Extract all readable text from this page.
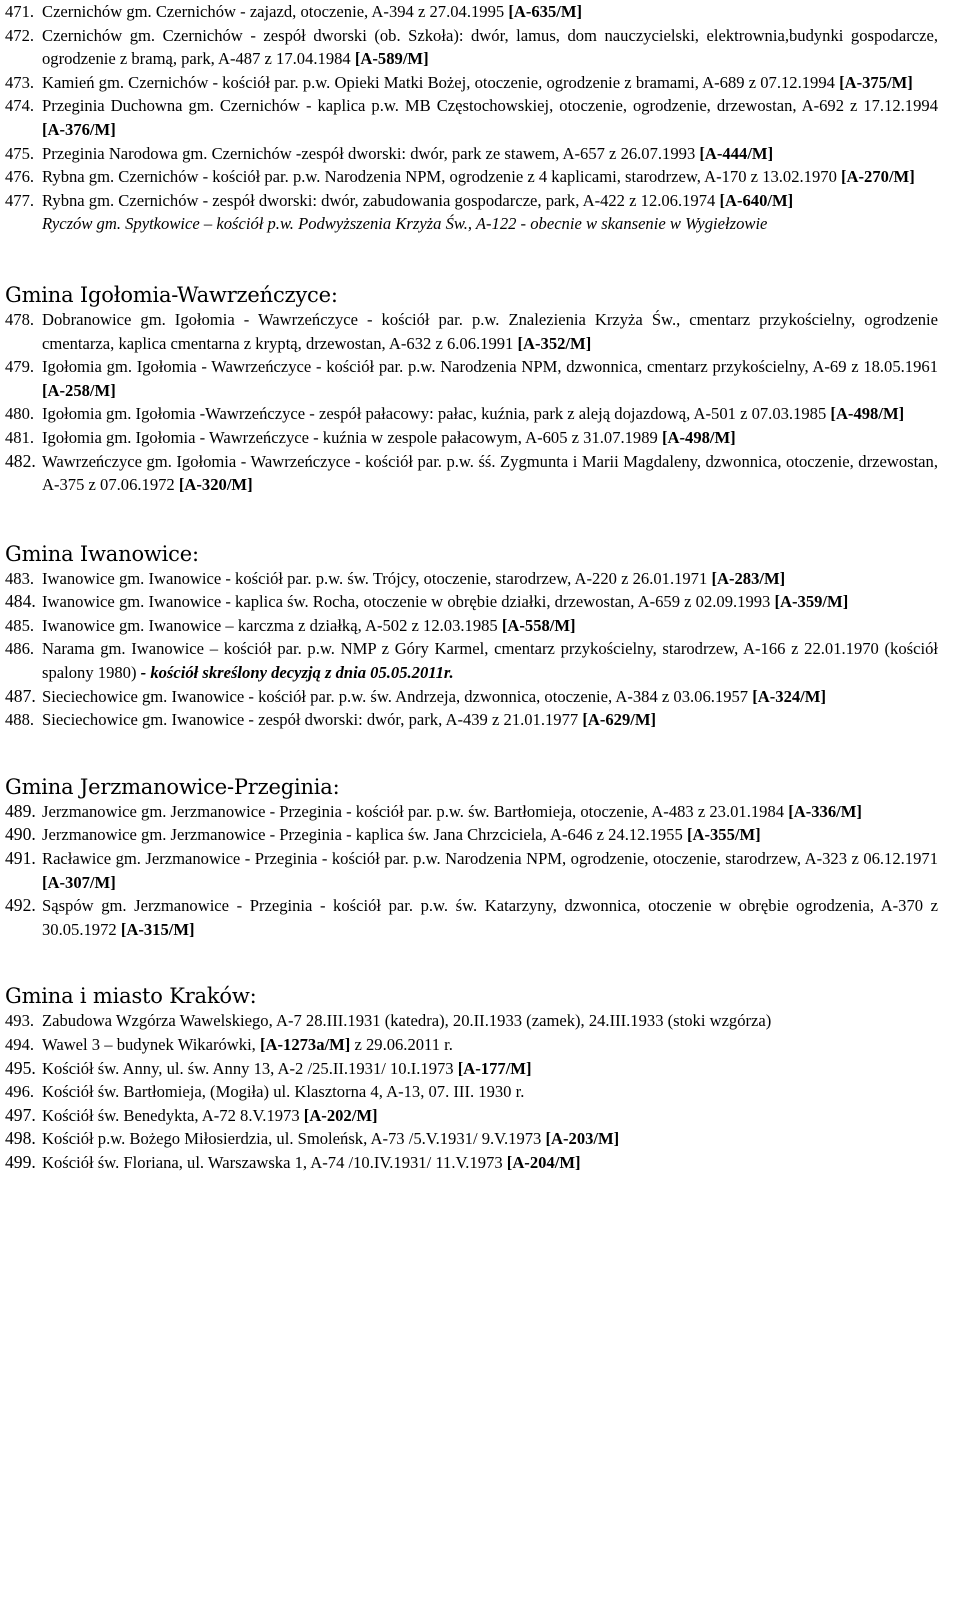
471. Czernichów gm. Czernichów - zajazd, otoczenie, A-394 z 27.04.1995 [A-635/M]
472. Czernichów gm. Czernichów - zespół dworski (ob. Szkoła): dwór, lamus, dom nauczycielski, elektrownia,budynki gospodarcze, ogrodzenie z bramą, park, A-487 z 17.04.1984 [A-589/M]
473. Kamień gm. Czernichów - kościół par. p.w. Opieki Matki Bożej, otoczenie, ogrodzenie z bramami, A-689 z 07.12.1994 [A-375/M]
474. Przeginia Duchowna gm. Czernichów - kaplica p.w. MB Częstochowskiej, otoczenie, ogrodzenie, drzewostan, A-692 z 17.12.1994 [A-376/M]
475. Przeginia Narodowa gm. Czernichów -zespół dworski: dwór, park ze stawem, A-657 z 26.07.1993 [A-444/M]
476. Rybna gm. Czernichów - kościół par. p.w. Narodzenia NPM, ogrodzenie z 4 kaplicami, starodrzew, A-170 z 13.02.1970 [A-270/M]
477. Rybna gm. Czernichów - zespół dworski: dwór, zabudowania gospodarcze, park, A-422 z 12.06.1974 [A-640/M]
Ryczów gm. Spytkowice – kościół p.w. Podwyższenia Krzyża Św., A-122 - obecnie w skansenie w Wygiełzowie
Gmina Igołomia-Wawrzeńczyce:
478. Dobranowice gm. Igołomia - Wawrzeńczyce - kościół par. p.w. Znalezienia Krzyża Św., cmentarz przykościelny, ogrodzenie cmentarza, kaplica cmentarna z kryptą, drzewostan, A-632 z 6.06.1991 [A-352/M]
479. Igołomia gm. Igołomia - Wawrzeńczyce - kościół par. p.w. Narodzenia NPM, dzwonnica, cmentarz przykościelny, A-69 z 18.05.1961 [A-258/M]
480. Igołomia gm. Igołomia -Wawrzeńczyce - zespół pałacowy: pałac, kuźnia, park z aleją dojazdową, A-501 z 07.03.1985 [A-498/M]
481. Igołomia gm. Igołomia - Wawrzeńczyce - kuźnia w zespole pałacowym, A-605 z 31.07.1989 [A-498/M]
482. Wawrzeńczyce gm. Igołomia - Wawrzeńczyce - kościół par. p.w. śś. Zygmunta i Marii Magdaleny, dzwonnica, otoczenie, drzewostan, A-375 z 07.06.1972 [A-320/M]
Gmina Iwanowice:
483. Iwanowice gm. Iwanowice - kościół par. p.w. św. Trójcy, otoczenie, starodrzew, A-220 z 26.01.1971 [A-283/M]
484. Iwanowice gm. Iwanowice - kaplica św. Rocha, otoczenie w obrębie działki, drzewostan, A-659 z 02.09.1993 [A-359/M]
485. Iwanowice gm. Iwanowice – karczma z działką, A-502 z 12.03.1985 [A-558/M]
486. Narama gm. Iwanowice – kościół par. p.w. NMP z Góry Karmel, cmentarz przykościelny, starodrzew, A-166 z 22.01.1970 (kościół spalony 1980) - kościół skreślony decyzją z dnia 05.05.2011r.
487. Sieciechowice gm. Iwanowice - kościół par. p.w. św. Andrzeja, dzwonnica, otoczenie, A-384 z 03.06.1957 [A-324/M]
488. Sieciechowice gm. Iwanowice - zespół dworski: dwór, park, A-439 z 21.01.1977 [A-629/M]
Gmina Jerzmanowice-Przeginia:
489. Jerzmanowice gm. Jerzmanowice - Przeginia - kościół par. p.w. św. Bartłomieja, otoczenie, A-483 z 23.01.1984 [A-336/M]
490. Jerzmanowice gm. Jerzmanowice - Przeginia - kaplica św. Jana Chrzciciela, A-646 z 24.12.1955 [A-355/M]
491. Racławice gm. Jerzmanowice - Przeginia - kościół par. p.w. Narodzenia NPM, ogrodzenie, otoczenie, starodrzew, A-323 z 06.12.1971 [A-307/M]
492. Sąspów gm. Jerzmanowice - Przeginia - kościół par. p.w. św. Katarzyny, dzwonnica, otoczenie w obrębie ogrodzenia, A-370 z 30.05.1972 [A-315/M]
Gmina i miasto Kraków:
493. Zabudowa Wzgórza Wawelskiego, A-7 28.III.1931 (katedra), 20.II.1933 (zamek), 24.III.1933 (stoki wzgórza)
494. Wawel 3 – budynek Wikarówki, [A-1273a/M] z 29.06.2011 r.
495. Kościół św. Anny, ul. św. Anny 13, A-2 /25.II.1931/ 10.I.1973 [A-177/M]
496. Kościół św. Bartłomieja, (Mogiła) ul. Klasztorna 4, A-13, 07. III. 1930 r.
497. Kościół św. Benedykta, A-72 8.V.1973 [A-202/M]
498. Kościół p.w. Bożego Miłosierdzia, ul. Smoleńsk, A-73 /5.V.1931/ 9.V.1973 [A-203/M]
499. Kościół św. Floriana, ul. Warszawska 1, A-74 /10.IV.1931/ 11.V.1973 [A-204/M]
